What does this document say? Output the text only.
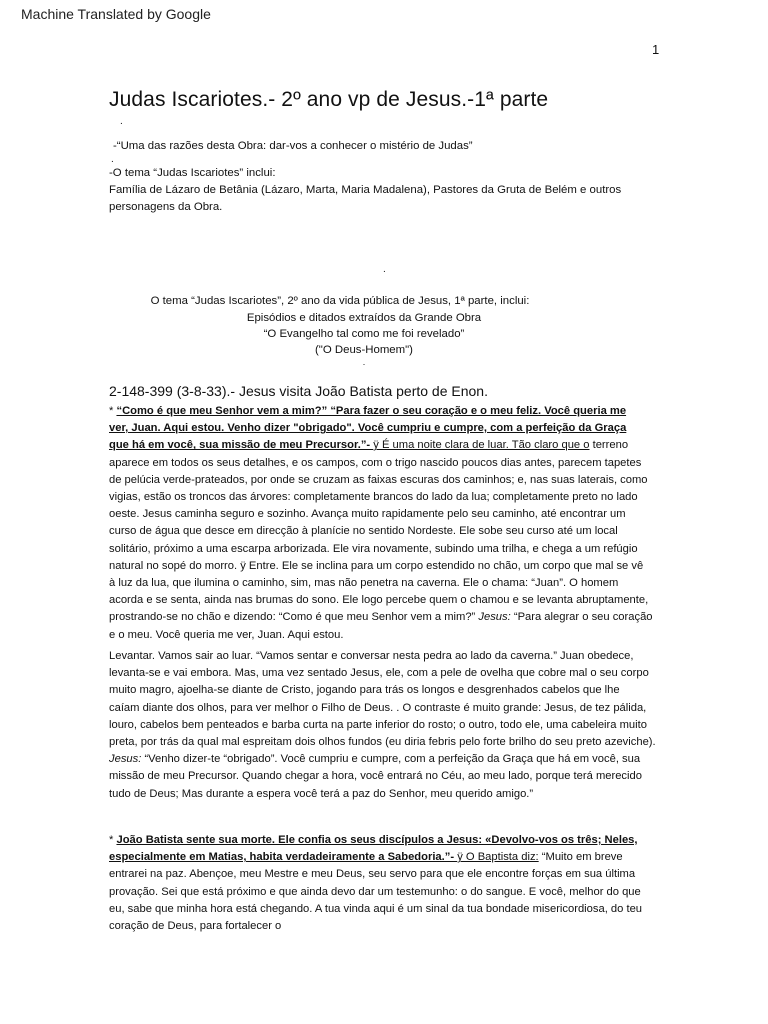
Machine Translated by Google
1
Judas Iscariotes.- 2º ano vp de Jesus.-1ª parte
.
-“Uma das razões desta Obra: dar-vos a conhecer o mistério de Judas”
.
-O tema “Judas Iscariotes” inclui:
Família de Lázaro de Betânia (Lázaro, Marta, Maria Madalena), Pastores da Gruta de Belém e outros
personagens da Obra.
.
O tema “Judas Iscariotes”, 2º ano da vida pública de Jesus, 1ª parte, inclui:
Episódios e ditados extraídos da Grande Obra
“O Evangelho tal como me foi revelado”
("O Deus-Homem")
.
2-148-399 (3-8-33).- Jesus visita João Batista perto de Enon.
* “Como é que meu Senhor vem a mim?” “Para fazer o seu coração e o meu feliz. Você queria me
ver, Juan. Aqui estou. Venho dizer "obrigado". Você cumpriu e cumpre, com a perfeição da Graça
que há em você, sua missão de meu Precursor.”- ÿ É uma noite clara de luar. Tão claro que o terreno
aparece em todos os seus detalhes, e os campos, com o trigo nascido poucos dias antes, parecem tapetes
de pelúcia verde-prateados, por onde se cruzam as faixas escuras dos caminhos; e, nas suas laterais, como
vigias, estão os troncos das árvores: completamente brancos do lado da lua; completamente preto no lado
oeste. Jesus caminha seguro e sozinho. Avança muito rapidamente pelo seu caminho, até encontrar um
curso de água que desce em direcção à planície no sentido Nordeste. Ele sobe seu curso até um local
solitário, próximo a uma escarpa arborizada. Ele vira novamente, subindo uma trilha, e chega a um refúgio
natural no sopé do morro. ÿ Entre. Ele se inclina para um corpo estendido no chão, um corpo que mal se vê
à luz da lua, que ilumina o caminho, sim, mas não penetra na caverna. Ele o chama: “Juan”. O homem
acorda e se senta, ainda nas brumas do sono. Ele logo percebe quem o chamou e se levanta abruptamente,
prostrando-se no chão e dizendo: “Como é que meu Senhor vem a mim?” Jesus: “Para alegrar o seu coração
e o meu. Você queria me ver, Juan. Aqui estou.
Levantar. Vamos sair ao luar. “Vamos sentar e conversar nesta pedra ao lado da caverna.” Juan obedece,
levanta-se e vai embora. Mas, uma vez sentado Jesus, ele, com a pele de ovelha que cobre mal o seu corpo
muito magro, ajoelha-se diante de Cristo, jogando para trás os longos e desgrenhados cabelos que lhe
caíam diante dos olhos, para ver melhor o Filho de Deus. . O contraste é muito grande: Jesus, de tez pálida,
louro, cabelos bem penteados e barba curta na parte inferior do rosto; o outro, todo ele, uma cabeleira muito
preta, por trás da qual mal espreitam dois olhos fundos (eu diria febris pelo forte brilho do seu preto azeviche).
Jesus: “Venho dizer-te “obrigado”. Você cumpriu e cumpre, com a perfeição da Graça que há em você, sua
missão de meu Precursor. Quando chegar a hora, você entrará no Céu, ao meu lado, porque terá merecido
tudo de Deus; Mas durante a espera você terá a paz do Senhor, meu querido amigo.”
* João Batista sente sua morte. Ele confia os seus discípulos a Jesus: «Devolvo-vos os três; Neles,
especialmente em Matias, habita verdadeiramente a Sabedoria.”- ÿ O Baptista diz: “Muito em breve
entrarei na paz. Abençoe, meu Mestre e meu Deus, seu servo para que ele encontre forças em sua última
provação. Sei que está próximo e que ainda devo dar um testemunho: o do sangue. E você, melhor do que
eu, sabe que minha hora está chegando. A tua vinda aqui é um sinal da tua bondade misericordiosa, do teu
coração de Deus, para fortalecer o
